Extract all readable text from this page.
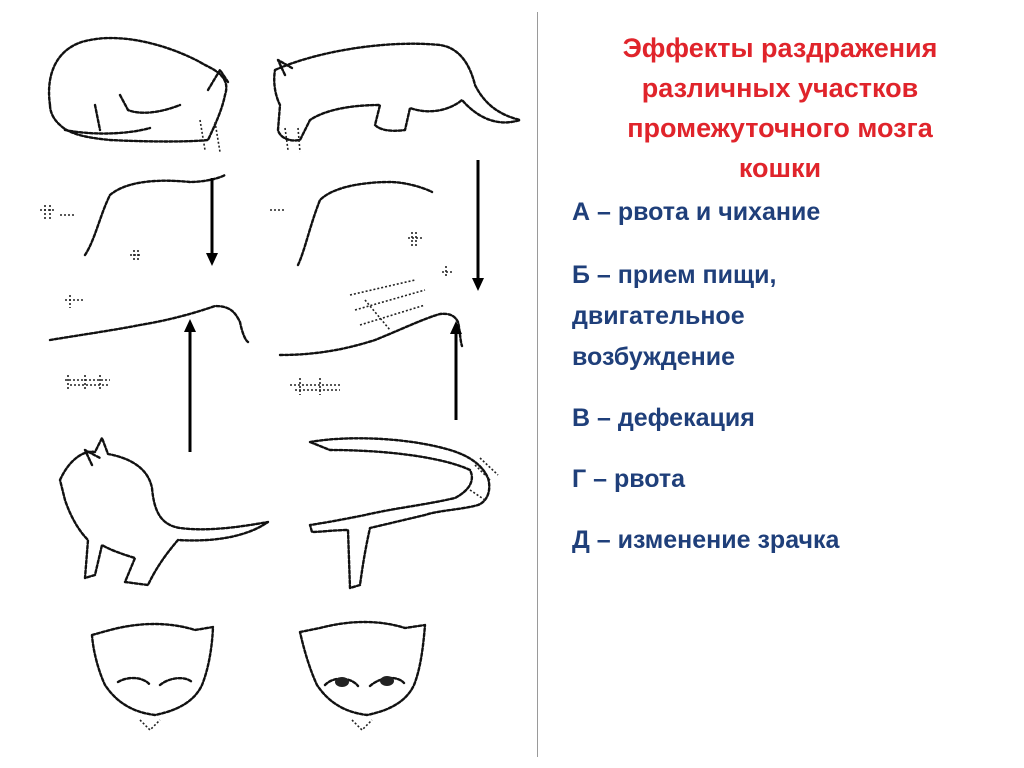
Эффекты раздражения
различных участков
промежуточного мозга
кошки
А – рвота и чихание
Б – прием пищи,
двигательное
возбуждение
В – дефекация
Г – рвота
Д – изменение зрачка
